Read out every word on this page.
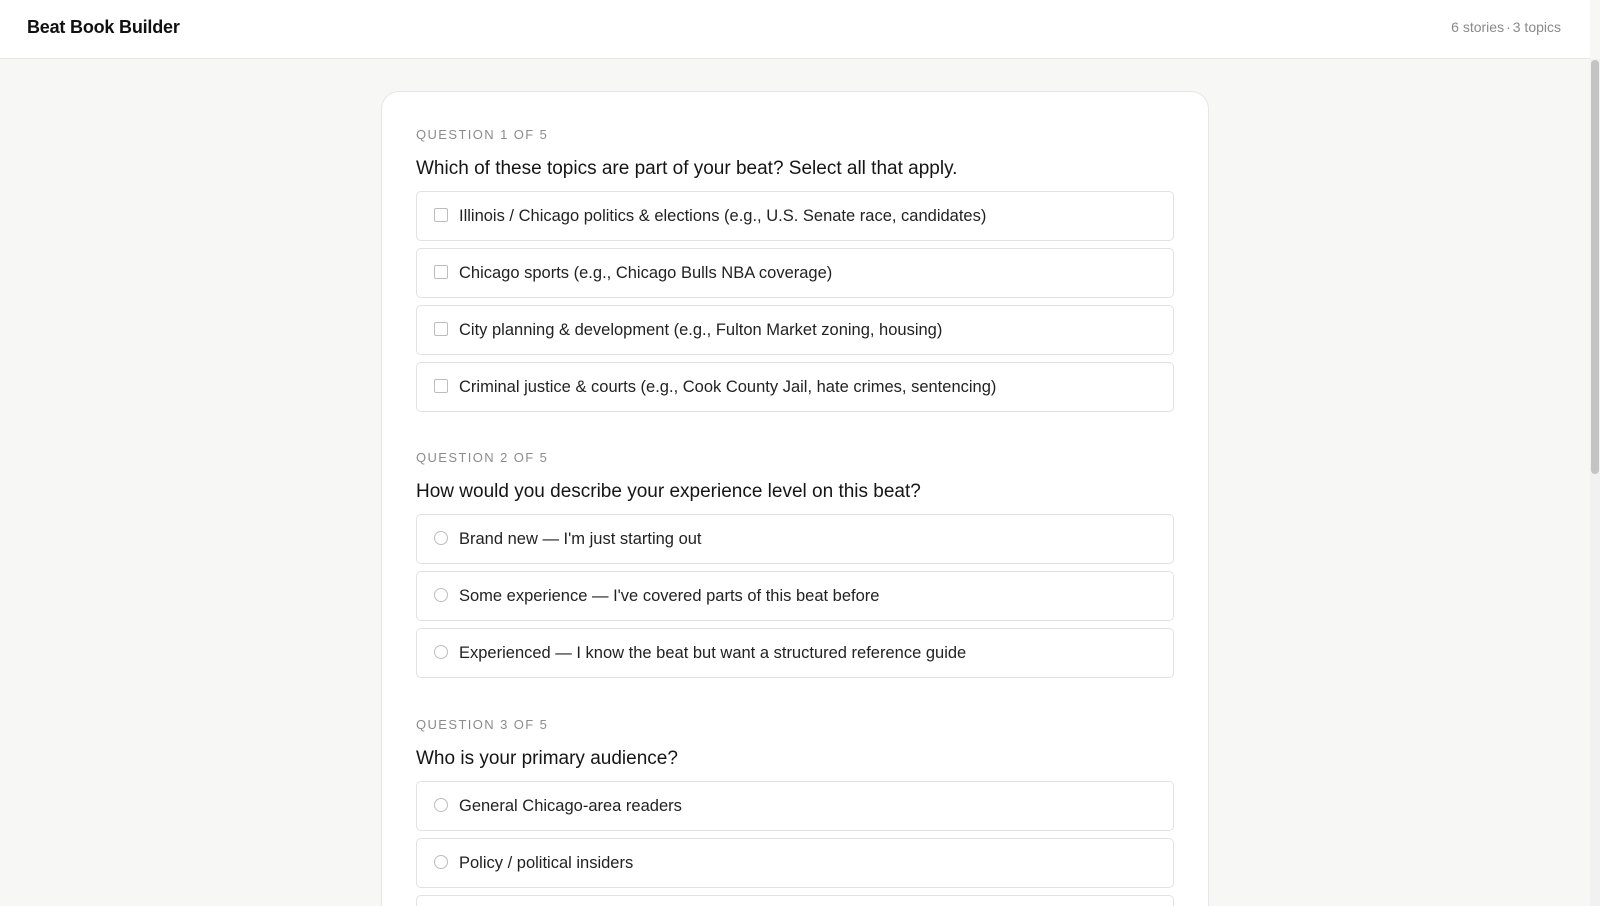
Beat Book Builder	6 stories · 3 topics
QUESTION 1 OF 5
Which of these topics are part of your beat? Select all that apply.
Illinois / Chicago politics & elections (e.g., U.S. Senate race, candidates)
Chicago sports (e.g., Chicago Bulls NBA coverage)
City planning & development (e.g., Fulton Market zoning, housing)
Criminal justice & courts (e.g., Cook County Jail, hate crimes, sentencing)
QUESTION 2 OF 5
How would you describe your experience level on this beat?
Brand new — I'm just starting out
Some experience — I've covered parts of this beat before
Experienced — I know the beat but want a structured reference guide
QUESTION 3 OF 5
Who is your primary audience?
General Chicago-area readers
Policy / political insiders
